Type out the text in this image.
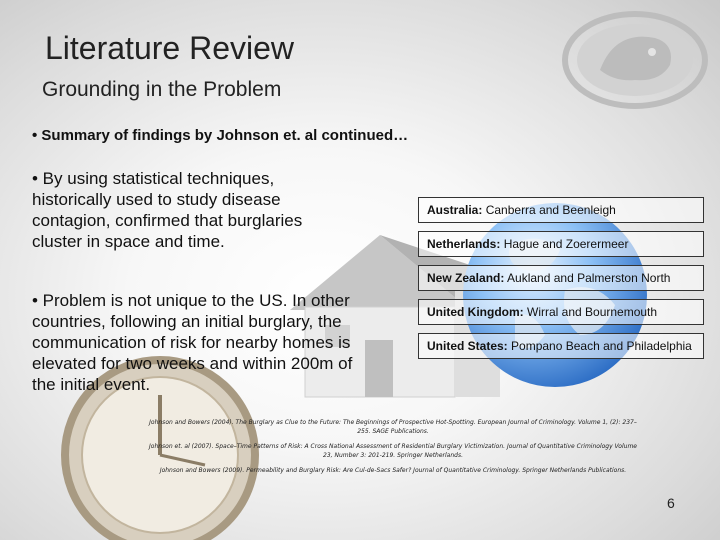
Literature Review
Grounding in the Problem
• Summary of findings by Johnson et. al continued…
• By using statistical techniques, historically used to study disease contagion, confirmed that burglaries cluster in space and time.
• Problem is not unique to the US. In other countries, following an initial burglary, the communication of risk for nearby homes is elevated for two weeks and within 200m of the initial event.
Australia: Canberra and Beenleigh
Netherlands: Hague and Zoerermeer
New Zealand: Aukland and Palmerston North
United Kingdom: Wirral and Bournemouth
United States: Pompano Beach and Philadelphia
Johnson and Bowers (2004). The Burglary as Clue to the Future: The Beginnings of Prospective Hot-Spotting. European Journal of Criminology. Volume 1, (2): 237–255. SAGE Publications.
Johnson et. al (2007). Space–Time Patterns of Risk: A Cross National Assessment of Residential Burglary Victimization. Journal of Quantitative Criminology Volume 23, Number 3: 201-219. Springer Netherlands.
Johnson and Bowers (2009). Permeability and Burglary Risk: Are Cul-de-Sacs Safer? Journal of Quantitative Criminology. Springer Netherlands Publications.
6
